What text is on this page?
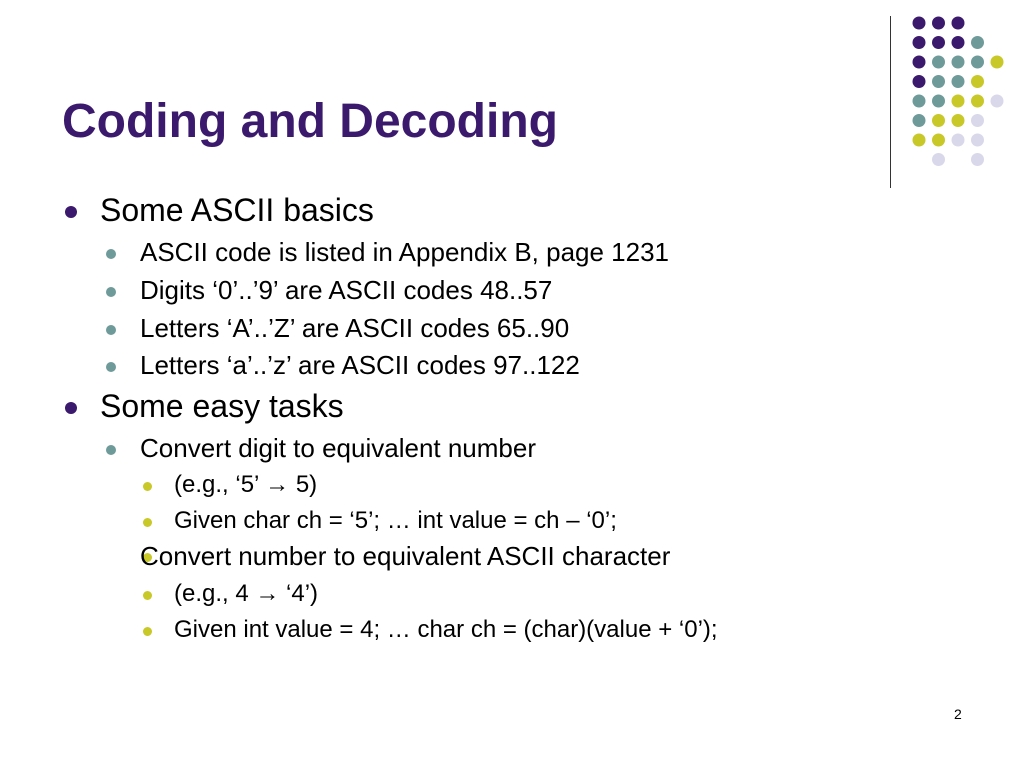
Coding and Decoding
Some ASCII basics
ASCII code is listed in Appendix B, page 1231
Digits ‘0’..’9’ are ASCII codes 48..57
Letters ‘A’..’Z’ are ASCII codes 65..90
Letters ‘a’..’z’ are ASCII codes 97..122
Some easy tasks
Convert digit to equivalent number
(e.g., ‘5’ → 5)
Given char ch = ‘5’; … int value = ch – ‘0’;
Convert number to equivalent ASCII character
(e.g., 4 → ‘4’)
Given int value = 4; … char ch = (char)(value + ‘0’);
2
